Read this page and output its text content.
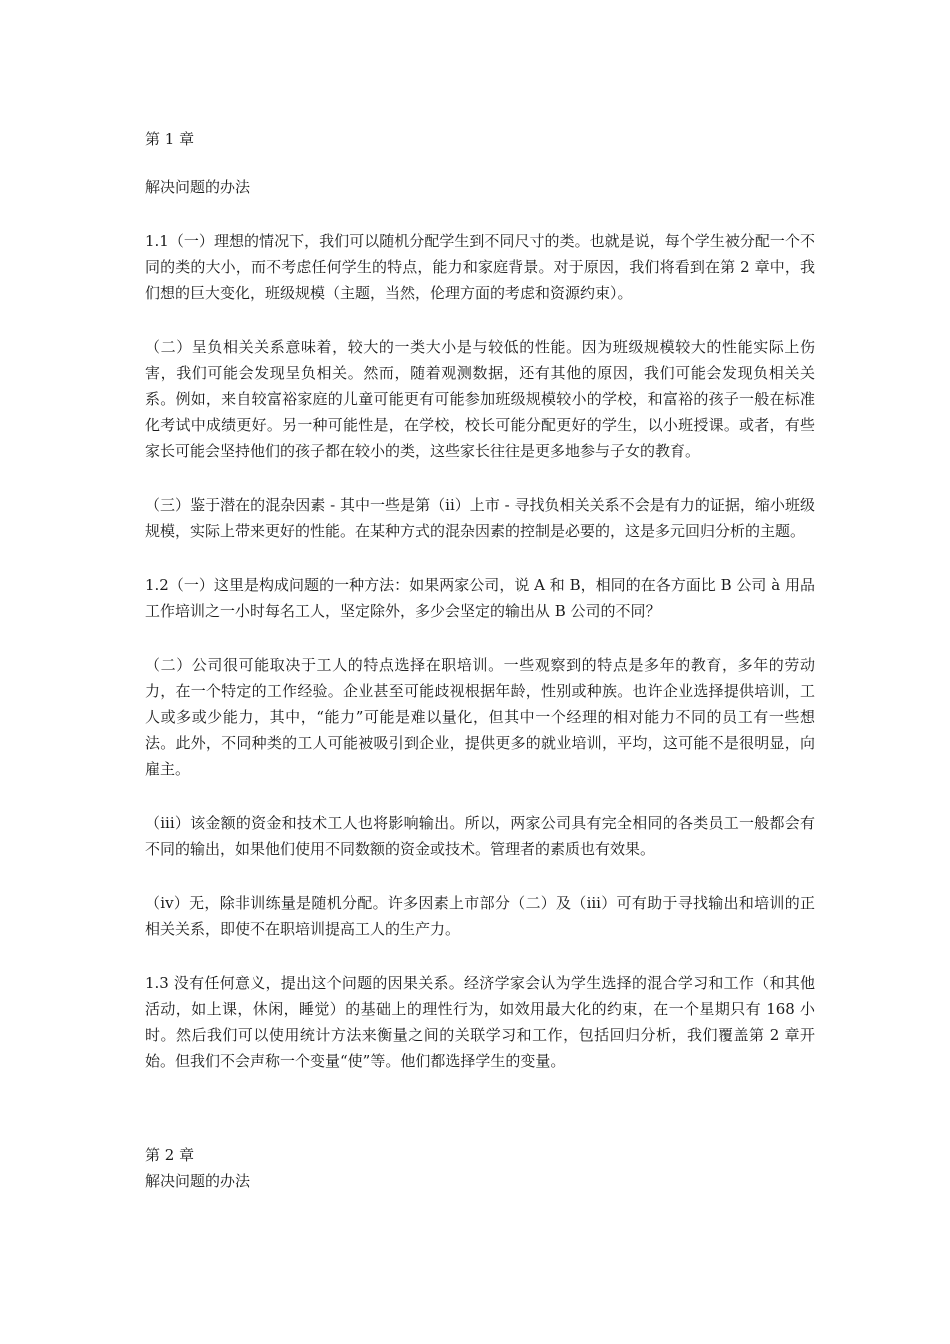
第 1 章

解决问题的办法

1.1（一）理想的情况下，我们可以随机分配学生到不同尺寸的类。也就是说，每个学生被分配一个不同的类的大小，而不考虑任何学生的特点，能力和家庭背景。对于原因，我们将看到在第 2 章中，我们想的巨大变化，班级规模（主题，当然，伦理方面的考虑和资源约束）。

（二）呈负相关关系意味着，较大的一类大小是与较低的性能。因为班级规模较大的性能实际上伤害，我们可能会发现呈负相关。然而，随着观测数据，还有其他的原因，我们可能会发现负相关关系。例如，来自较富裕家庭的儿童可能更有可能参加班级规模较小的学校，和富裕的孩子一般在标准化考试中成绩更好。另一种可能性是，在学校，校长可能分配更好的学生，以小班授课。或者，有些家长可能会坚持他们的孩子都在较小的类，这些家长往往是更多地参与子女的教育。

（三）鉴于潜在的混杂因素 - 其中一些是第（ii）上市 - 寻找负相关关系不会是有力的证据，缩小班级规模，实际上带来更好的性能。在某种方式的混杂因素的控制是必要的，这是多元回归分析的主题。

1.2（一）这里是构成问题的一种方法：如果两家公司，说 A 和 B，相同的在各方面比 B 公司 à 用品工作培训之一小时每名工人，坚定除外，多少会坚定的输出从 B 公司的不同？

（二）公司很可能取决于工人的特点选择在职培训。一些观察到的特点是多年的教育，多年的劳动力，在一个特定的工作经验。企业甚至可能歧视根据年龄，性别或种族。也许企业选择提供培训，工人或多或少能力，其中，“能力”可能是难以量化，但其中一个经理的相对能力不同的员工有一些想法。此外，不同种类的工人可能被吸引到企业，提供更多的就业培训，平均，这可能不是很明显，向雇主。

（iii）该金额的资金和技术工人也将影响输出。所以，两家公司具有完全相同的各类员工一般都会有不同的输出，如果他们使用不同数额的资金或技术。管理者的素质也有效果。

（iv）无，除非训练量是随机分配。许多因素上市部分（二）及（iii）可有助于寻找输出和培训的正相关关系，即使不在职培训提高工人的生产力。

1.3 没有任何意义，提出这个问题的因果关系。经济学家会认为学生选择的混合学习和工作（和其他活动，如上课，休闲，睡觉）的基础上的理性行为，如效用最大化的约束，在一个星期只有 168 小时。然后我们可以使用统计方法来衡量之间的关联学习和工作，包括回归分析，我们覆盖第 2 章开始。但我们不会声称一个变量“使”等。他们都选择学生的变量。

第 2 章

解决问题的办法
